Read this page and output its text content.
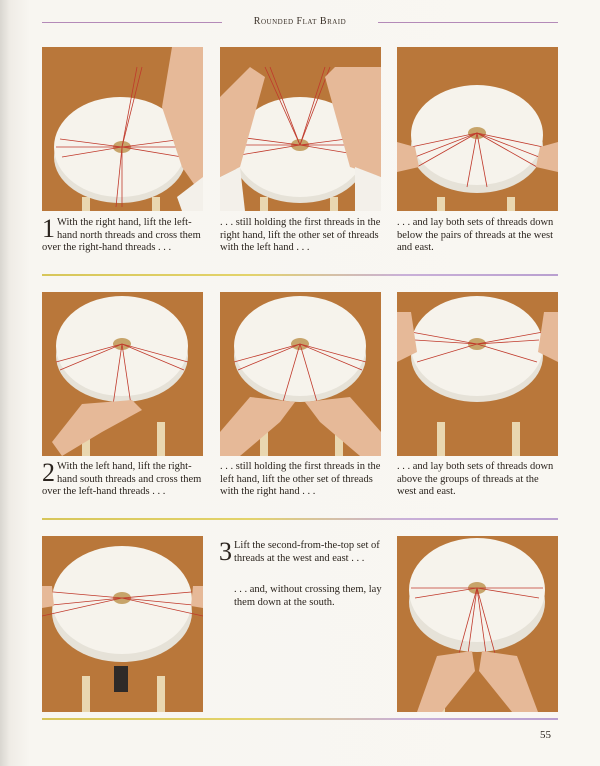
Rounded Flat Braid
1 With the right hand, lift the left-hand north threads and cross them over the right-hand threads . . .
. . . still holding the first threads in the right hand, lift the other set of threads with the left hand . . .
. . . and lay both sets of threads down below the pairs of threads at the west and east.
2 With the left hand, lift the right-hand south threads and cross them over the left-hand threads . . .
. . . still holding the first threads in the left hand, lift the other set of threads with the right hand . . .
. . . and lay both sets of threads down above the groups of threads at the west and east.
3 Lift the second-from-the-top set of threads at the west and east . . .
. . . and, without crossing them, lay them down at the south.
55
